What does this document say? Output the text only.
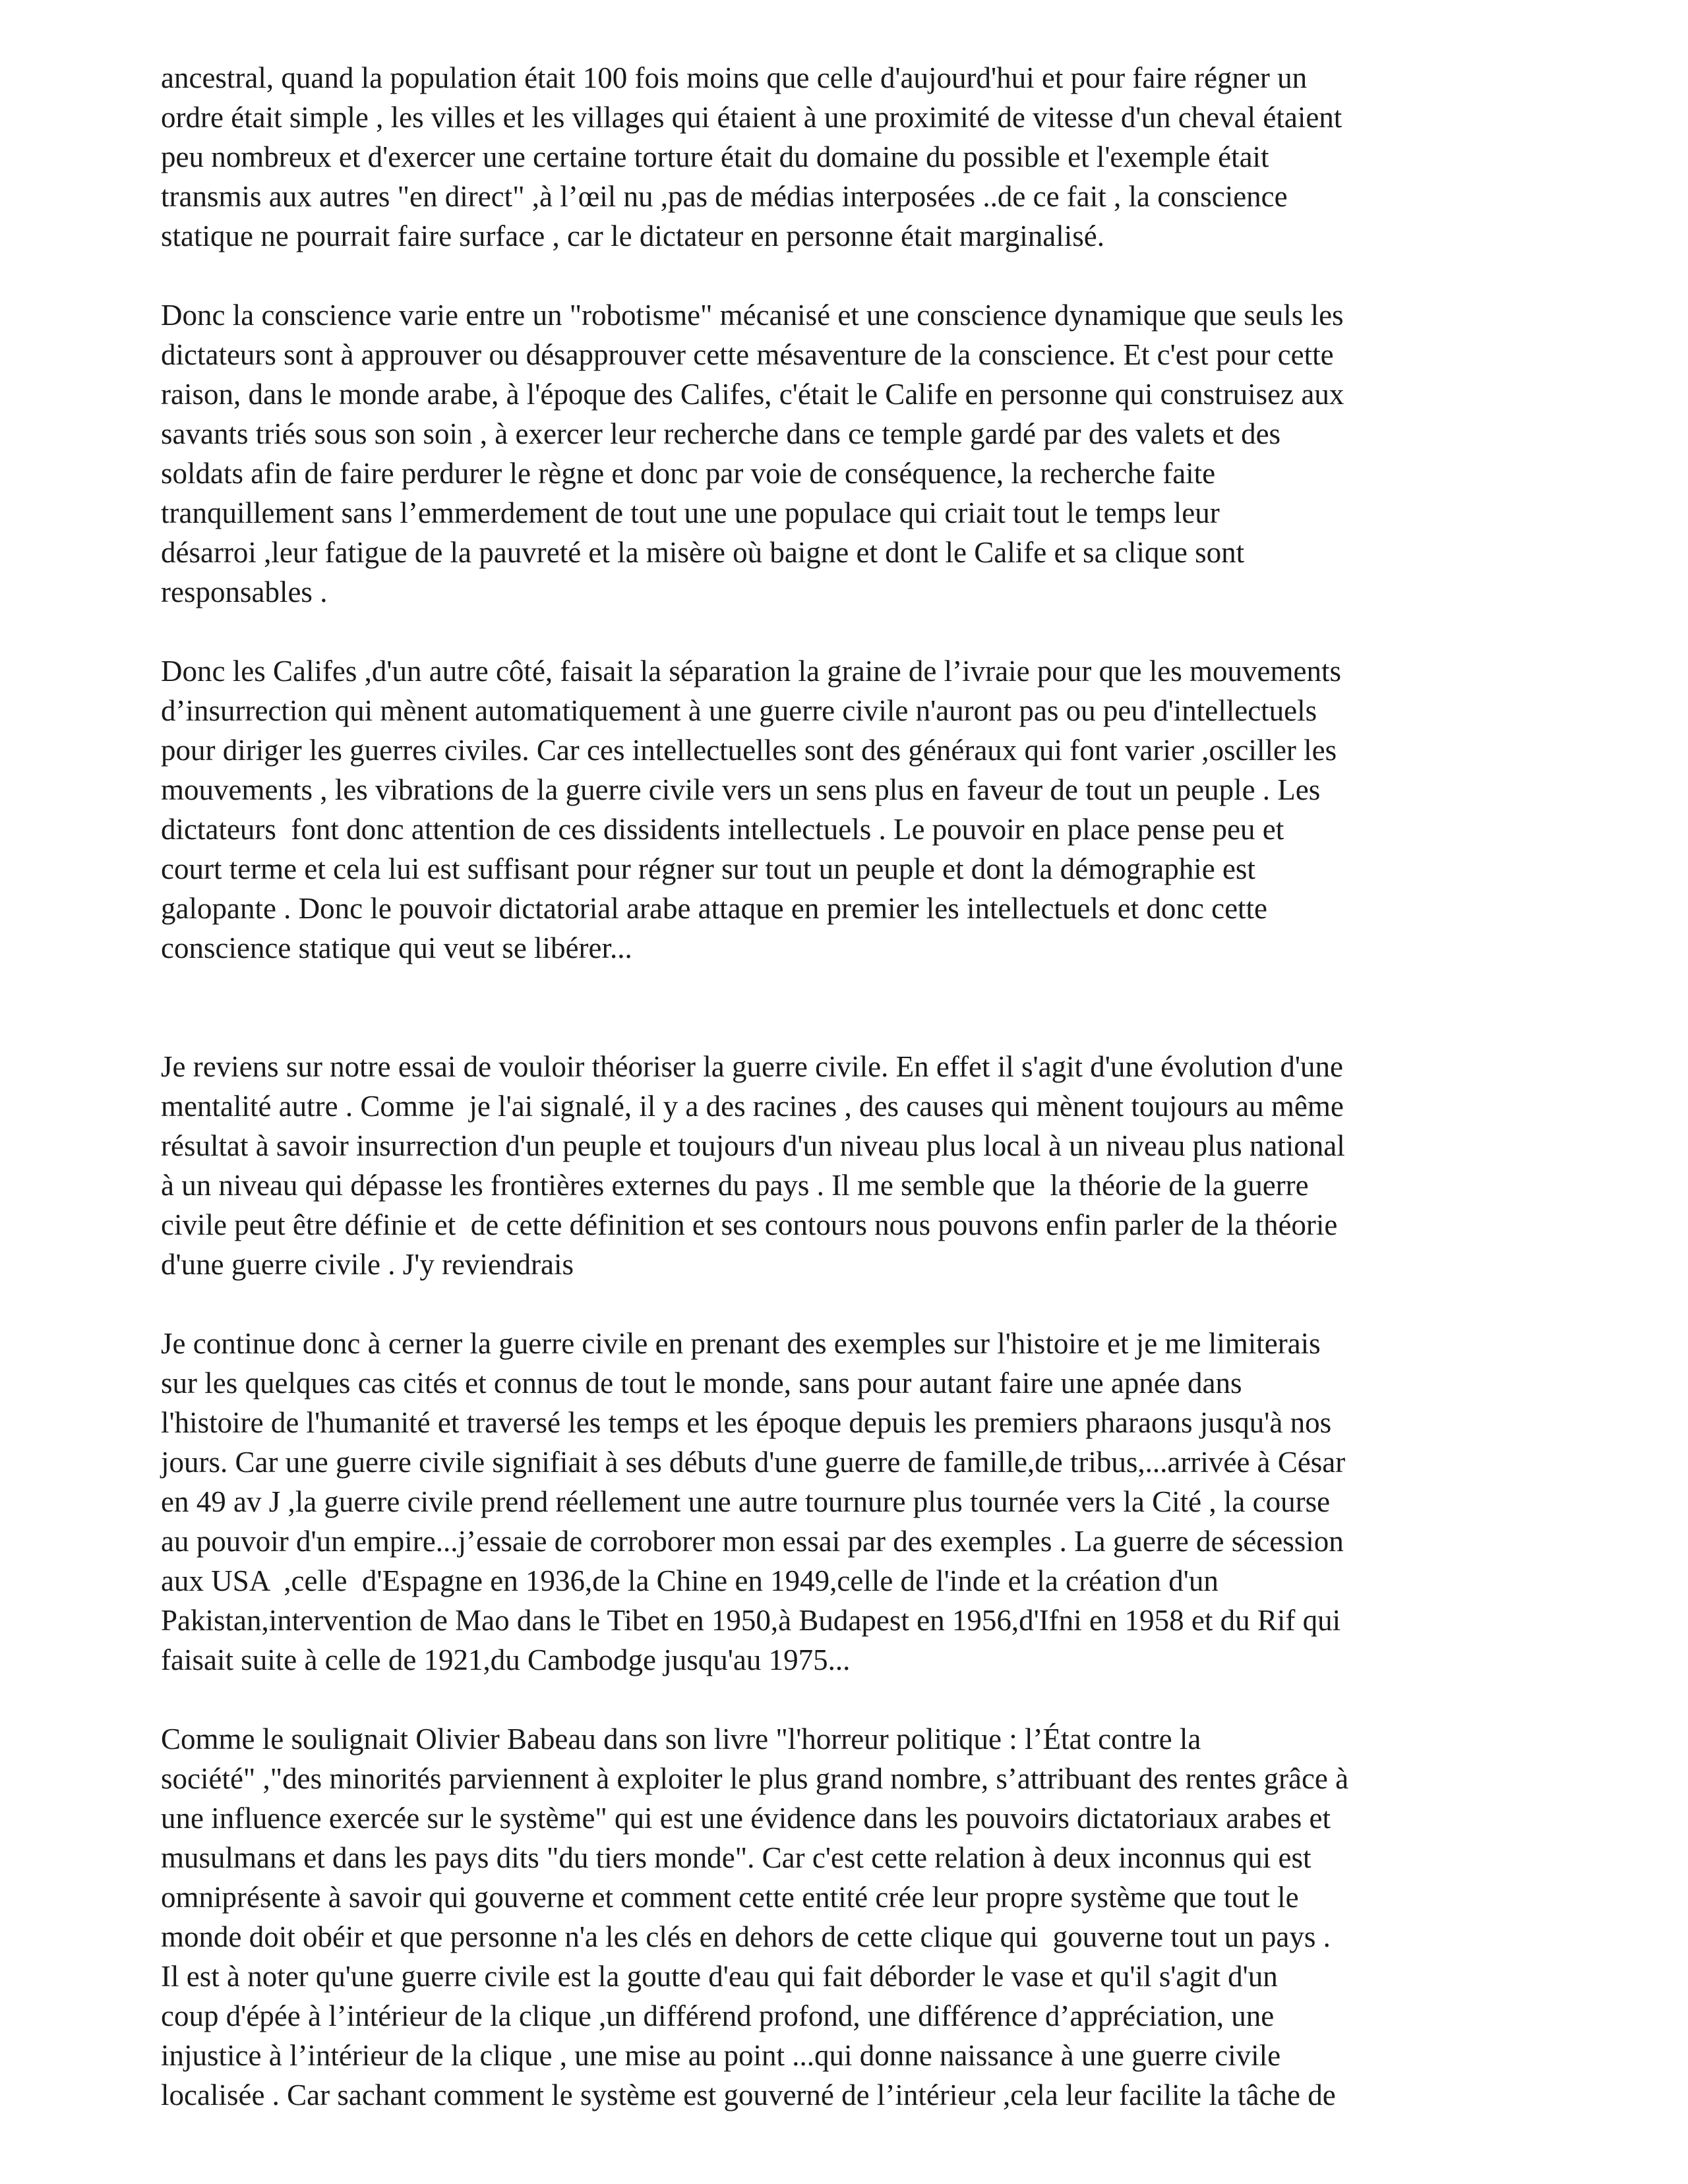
ancestral, quand la population était 100 fois moins que celle d'aujourd'hui et pour faire régner un
ordre était simple , les villes et les villages qui étaient à une proximité de vitesse d'un cheval étaient
peu nombreux et d'exercer une certaine torture était du domaine du possible et l'exemple était
transmis aux autres "en direct" ,à l’œil nu ,pas de médias interposées ..de ce fait , la conscience
statique ne pourrait faire surface , car le dictateur en personne était marginalisé.
Donc la conscience varie entre un "robotisme" mécanisé et une conscience dynamique que seuls les
dictateurs sont à approuver ou désapprouver cette mésaventure de la conscience. Et c'est pour cette
raison, dans le monde arabe, à l'époque des Califes, c'était le Calife en personne qui construisez aux
savants triés sous son soin , à exercer leur recherche dans ce temple gardé par des valets et des
soldats afin de faire perdurer le règne et donc par voie de conséquence, la recherche faite
tranquillement sans l’emmerdement de tout une une populace qui criait tout le temps leur
désarroi ,leur fatigue de la pauvreté et la misère où baigne et dont le Calife et sa clique sont
responsables .
Donc les Califes ,d'un autre côté, faisait la séparation la graine de l’ivraie pour que les mouvements
d’insurrection qui mènent automatiquement à une guerre civile n'auront pas ou peu d'intellectuels
pour diriger les guerres civiles. Car ces intellectuelles sont des généraux qui font varier ,osciller les
mouvements , les vibrations de la guerre civile vers un sens plus en faveur de tout un peuple . Les
dictateurs  font donc attention de ces dissidents intellectuels . Le pouvoir en place pense peu et
court terme et cela lui est suffisant pour régner sur tout un peuple et dont la démographie est
galopante . Donc le pouvoir dictatorial arabe attaque en premier les intellectuels et donc cette
conscience statique qui veut se libérer...
Je reviens sur notre essai de vouloir théoriser la guerre civile. En effet il s'agit d'une évolution d'une
mentalité autre . Comme  je l'ai signalé, il y a des racines , des causes qui mènent toujours au même
résultat à savoir insurrection d'un peuple et toujours d'un niveau plus local à un niveau plus national
à un niveau qui dépasse les frontières externes du pays . Il me semble que  la théorie de la guerre
civile peut être définie et  de cette définition et ses contours nous pouvons enfin parler de la théorie
d'une guerre civile . J'y reviendrais
Je continue donc à cerner la guerre civile en prenant des exemples sur l'histoire et je me limiterais
sur les quelques cas cités et connus de tout le monde, sans pour autant faire une apnée dans
l'histoire de l'humanité et traversé les temps et les époque depuis les premiers pharaons jusqu'à nos
jours. Car une guerre civile signifiait à ses débuts d'une guerre de famille,de tribus,...arrivée à César
en 49 av J ,la guerre civile prend réellement une autre tournure plus tournée vers la Cité , la course
au pouvoir d'un empire...j’essaie de corroborer mon essai par des exemples . La guerre de sécession
aux USA  ,celle  d'Espagne en 1936,de la Chine en 1949,celle de l'inde et la création d'un
Pakistan,intervention de Mao dans le Tibet en 1950,à Budapest en 1956,d'Ifni en 1958 et du Rif qui
faisait suite à celle de 1921,du Cambodge jusqu'au 1975...
Comme le soulignait Olivier Babeau dans son livre "l'horreur politique : l’État contre la
société" ,"des minorités parviennent à exploiter le plus grand nombre, s’attribuant des rentes grâce à
une influence exercée sur le système" qui est une évidence dans les pouvoirs dictatoriaux arabes et
musulmans et dans les pays dits "du tiers monde". Car c'est cette relation à deux inconnus qui est
omniprésente à savoir qui gouverne et comment cette entité crée leur propre système que tout le
monde doit obéir et que personne n'a les clés en dehors de cette clique qui  gouverne tout un pays .
Il est à noter qu'une guerre civile est la goutte d'eau qui fait déborder le vase et qu'il s'agit d'un
coup d'épée à l’intérieur de la clique ,un différend profond, une différence d’appréciation, une
injustice à l’intérieur de la clique , une mise au point ...qui donne naissance à une guerre civile
localisée . Car sachant comment le système est gouverné de l’intérieur ,cela leur facilite la tâche de
